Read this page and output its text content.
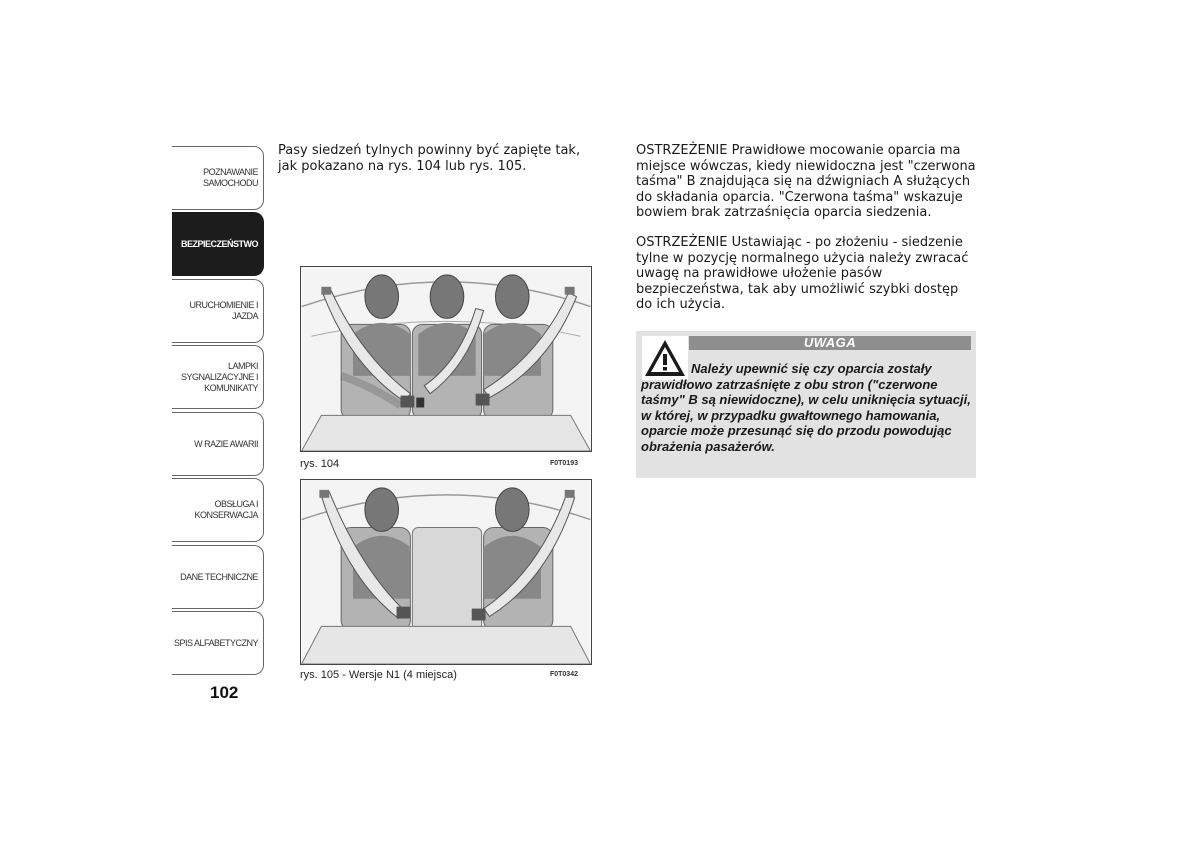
POZNAWANIE
SAMOCHODU
BEZPIECZEŃSTWO
URUCHOMIENIE I
JAZDA
LAMPKI
SYGNALIZACYJNE I
KOMUNIKATY
W RAZIE AWARII
OBSŁUGA I
KONSERWACJA
DANE TECHNICZNE
SPIS ALFABETYCZNY
102

Pasy siedzeń tylnych powinny być zapięte tak, jak pokazano na rys. 104 lub rys. 105.

rys. 104	F0T0193
rys. 105 - Wersje N1 (4 miejsca)	F0T0342

OSTRZEŻENIE Prawidłowe mocowanie oparcia ma miejsce wówczas, kiedy niewidoczna jest "czerwona taśma" B znajdująca się na dźwigniach A służących do składania oparcia. "Czerwona taśma" wskazuje bowiem brak zatrzaśnięcia oparcia siedzenia.

OSTRZEŻENIE Ustawiając - po złożeniu - siedzenie tylne w pozycję normalnego użycia należy zwracać uwagę na prawidłowe ułożenie pasów bezpieczeństwa, tak aby umożliwić szybki dostęp do ich użycia.

UWAGA

Należy upewnić się czy oparcia zostały prawidłowo zatrzaśnięte z obu stron ("czerwone taśmy" B są niewidoczne), w celu uniknięcia sytuacji, w której, w przypadku gwałtownego hamowania, oparcie może przesunąć się do przodu powodując obrażenia pasażerów.
